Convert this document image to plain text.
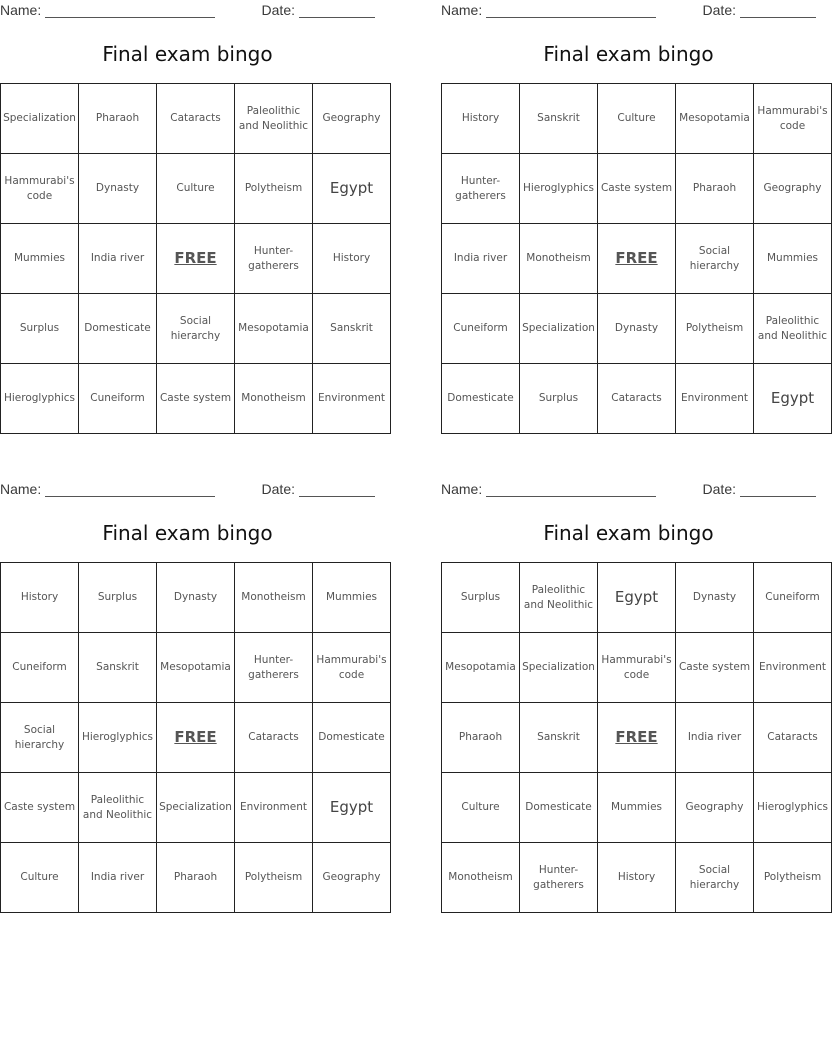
Name:	Date:
Final exam bingo
Specialization	Pharaoh	Cataracts	Paleolithic and Neolithic	Geography
Hammurabi's code	Dynasty	Culture	Polytheism	Egypt
Mummies	India river	FREE	Hunter-gatherers	History
Surplus	Domesticate	Social hierarchy	Mesopotamia	Sanskrit
Hieroglyphics	Cuneiform	Caste system	Monotheism	Environment
Name:	Date:
Final exam bingo
History	Sanskrit	Culture	Mesopotamia	Hammurabi's code
Hunter-gatherers	Hieroglyphics	Caste system	Pharaoh	Geography
India river	Monotheism	FREE	Social hierarchy	Mummies
Cuneiform	Specialization	Dynasty	Polytheism	Paleolithic and Neolithic
Domesticate	Surplus	Cataracts	Environment	Egypt
Name:	Date:
Final exam bingo
History	Surplus	Dynasty	Monotheism	Mummies
Cuneiform	Sanskrit	Mesopotamia	Hunter-gatherers	Hammurabi's code
Social hierarchy	Hieroglyphics	FREE	Cataracts	Domesticate
Caste system	Paleolithic and Neolithic	Specialization	Environment	Egypt
Culture	India river	Pharaoh	Polytheism	Geography
Name:	Date:
Final exam bingo
Surplus	Paleolithic and Neolithic	Egypt	Dynasty	Cuneiform
Mesopotamia	Specialization	Hammurabi's code	Caste system	Environment
Pharaoh	Sanskrit	FREE	India river	Cataracts
Culture	Domesticate	Mummies	Geography	Hieroglyphics
Monotheism	Hunter-gatherers	History	Social hierarchy	Polytheism
